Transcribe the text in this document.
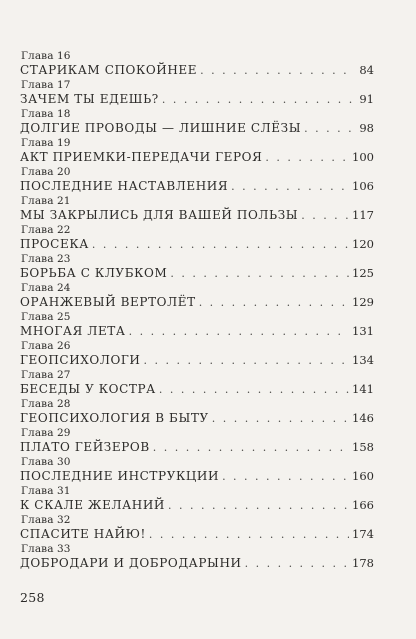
Глава 16
СТАРИКАМ СПОКОЙНЕЕ . . .	84
Глава 17
ЗАЧЕМ ТЫ ЕДЕШЬ? . . .	91
Глава 18
ДОЛГИЕ ПРОВОДЫ — ЛИШНИЕ СЛЁЗЫ . . .	98
Глава 19
АКТ ПРИЕМКИ-ПЕРЕДАЧИ ГЕРОЯ . . .	100
Глава 20
ПОСЛЕДНИЕ НАСТАВЛЕНИЯ . . .	106
Глава 21
МЫ ЗАКРЫЛИСЬ ДЛЯ ВАШЕЙ ПОЛЬЗЫ . . .	117
Глава 22
ПРОСЕКА . . .	120
Глава 23
БОРЬБА С КЛУБКОМ . . .	125
Глава 24
ОРАНЖЕВЫЙ ВЕРТОЛЁТ . . .	129
Глава 25
МНОГАЯ ЛЕТА . . .	131
Глава 26
ГЕОПСИХОЛОГИ . . .	134
Глава 27
БЕСЕДЫ У КОСТРА . . .	141
Глава 28
ГЕОПСИХОЛОГИЯ В БЫТУ . . .	146
Глава 29
ПЛАТО ГЕЙЗЕРОВ . . .	158
Глава 30
ПОСЛЕДНИЕ ИНСТРУКЦИИ . . .	160
Глава 31
К СКАЛЕ ЖЕЛАНИЙ . . .	166
Глава 32
СПАСИТЕ НАЙЮ! . . .	174
Глава 33
ДОБРОДАРИ И ДОБРОДАРЫНИ . . .	178
258
